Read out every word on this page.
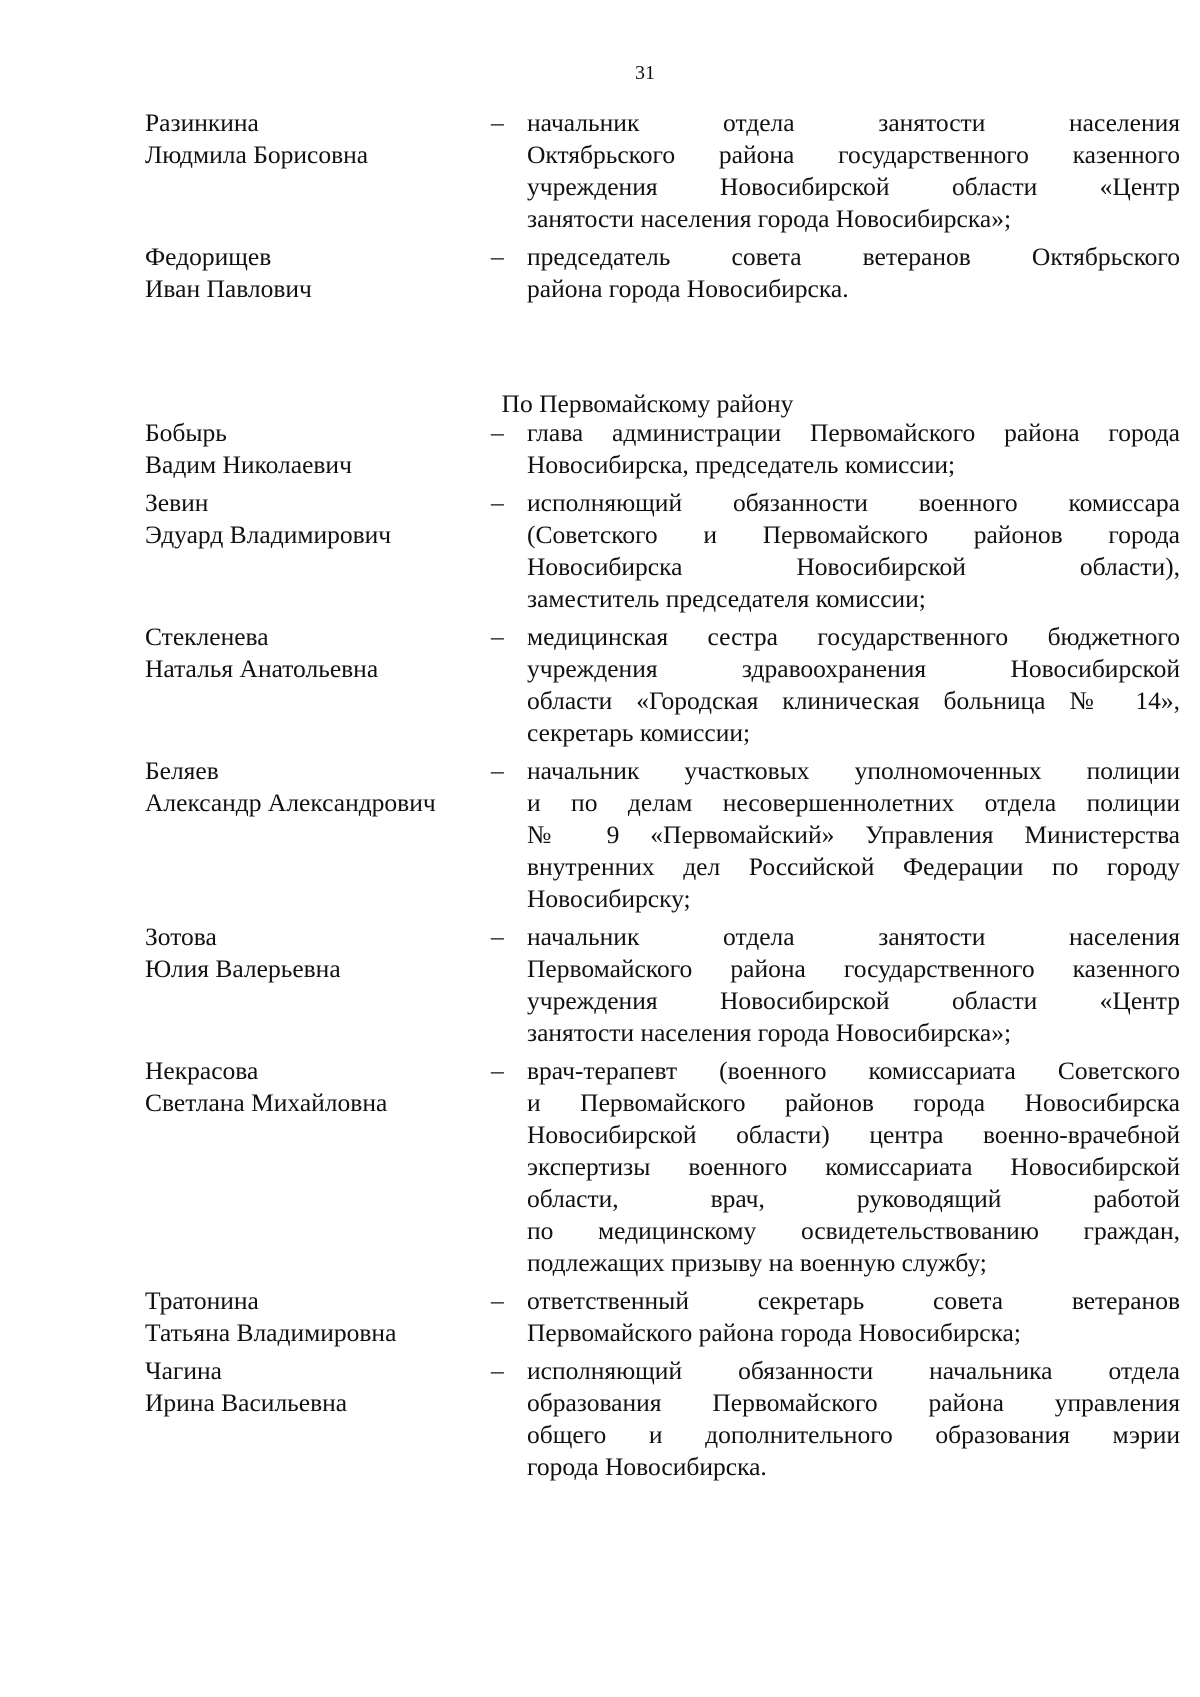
31
Разинкина
Людмила Борисовна
– начальник отдела занятости населения
Октябрьского района государственного казенного
учреждения Новосибирской области «Центр
занятости населения города Новосибирска»;
Федорищев
Иван Павлович
– председатель совета ветеранов Октябрьского
района города Новосибирска.
По Первомайскому району
Бобырь
Вадим Николаевич
– глава администрации Первомайского района города
Новосибирска, председатель комиссии;
Зевин
Эдуард Владимирович
– исполняющий обязанности военного комиссара
(Советского и Первомайского районов города
Новосибирска Новосибирской области),
заместитель председателя комиссии;
Стекленева
Наталья Анатольевна
– медицинская сестра государственного бюджетного
учреждения здравоохранения Новосибирской
области «Городская клиническая больница № 14»,
секретарь комиссии;
Беляев
Александр Александрович
– начальник участковых уполномоченных полиции
и по делам несовершеннолетних отдела полиции
№ 9 «Первомайский» Управления Министерства
внутренних дел Российской Федерации по городу
Новосибирску;
Зотова
Юлия Валерьевна
– начальник отдела занятости населения
Первомайского района государственного казенного
учреждения Новосибирской области «Центр
занятости населения города Новосибирска»;
Некрасова
Светлана Михайловна
– врач-терапевт (военного комиссариата Советского
и Первомайского районов города Новосибирска
Новосибирской области) центра военно-врачебной
экспертизы военного комиссариата Новосибирской
области, врач, руководящий работой
по медицинскому освидетельствованию граждан,
подлежащих призыву на военную службу;
Тратонина
Татьяна Владимировна
– ответственный секретарь совета ветеранов
Первомайского района города Новосибирска;
Чагина
Ирина Васильевна
– исполняющий обязанности начальника отдела
образования Первомайского района управления
общего и дополнительного образования мэрии
города Новосибирска.
